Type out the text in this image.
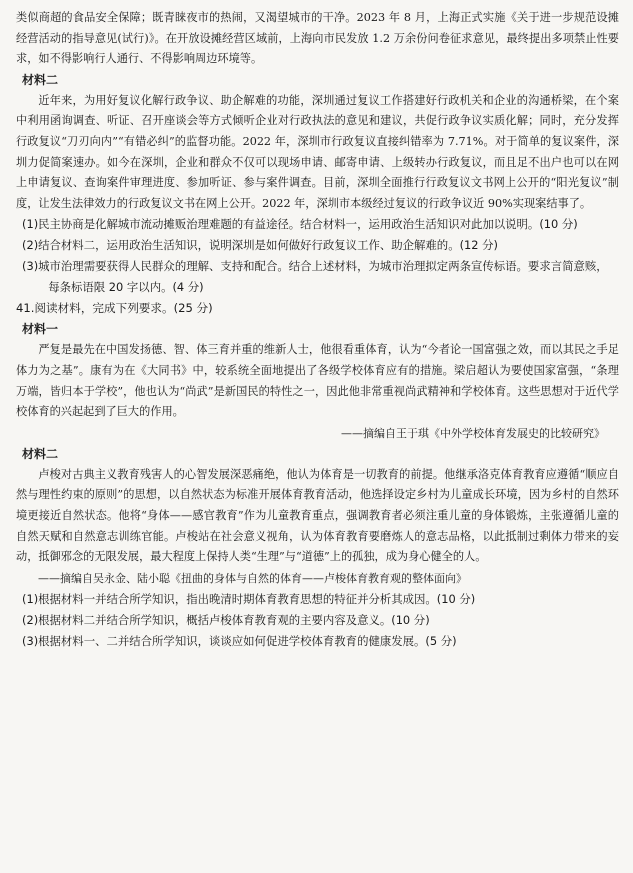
类似商超的食品安全保障；既青睐夜市的热闹，又渴望城市的干净。2023 年 8 月，上海正式实施《关于进一步规范设摊经营活动的指导意见(试行)》。在开放设摊经营区域前，上海向市民发放 1.2 万余份问卷征求意见，最终提出多项禁止性要求，如不得影响行人通行、不得影响周边环境等。

材料二

近年来，为用好复议化解行政争议、助企解难的功能，深圳通过复议工作搭建好行政机关和企业的沟通桥梁，在个案中利用函询调查、听证、召开座谈会等方式倾听企业对行政执法的意见和建议，共促行政争议实质化解；同时，充分发挥行政复议“刀刃向内”“有错必纠”的监督功能。2022 年，深圳市行政复议直接纠错率为 7.71%。对于简单的复议案件，深圳力促简案速办。如今在深圳，企业和群众不仅可以现场申请、邮寄申请、上级转办行政复议，而且足不出户也可以在网上申请复议、查询案件审理进度、参加听证、参与案件调查。目前，深圳全面推行行政复议文书网上公开的“阳光复议”制度，让发生法律效力的行政复议文书在网上公开。2022 年，深圳市本级经过复议的行政争议近 90%实现案结事了。

(1)民主协商是化解城市流动摊贩治理难题的有益途径。结合材料一，运用政治生活知识对此加以说明。(10 分)

(2)结合材料二，运用政治生活知识，说明深圳是如何做好行政复议工作、助企解难的。(12 分)

(3)城市治理需要获得人民群众的理解、支持和配合。结合上述材料，为城市治理拟定两条宣传标语。要求言简意赅，每条标语限 20 字以内。(4 分)

41.阅读材料，完成下列要求。(25 分)

材料一

严复是最先在中国发扬德、智、体三育并重的维新人士，他很看重体育，认为“今者论一国富强之效，而以其民之手足体力为之基”。康有为在《大同书》中，较系统全面地提出了各级学校体育应有的措施。梁启超认为要使国家富强，“条理万端，皆归本于学校”，他也认为“尚武”是新国民的特性之一，因此他非常重视尚武精神和学校体育。这些思想对于近代学校体育的兴起起到了巨大的作用。

——摘编自王于琪《中外学校体育发展史的比较研究》

材料二

卢梭对古典主义教育残害人的心智发展深恶痛绝，他认为体育是一切教育的前提。他继承洛克体育教育应遵循“顺应自然与理性约束的原则”的思想，以自然状态为标准开展体育教育活动，他选择设定乡村为儿童成长环境，因为乡村的自然环境更接近自然状态。他将“身体——感官教育”作为儿童教育重点，强调教育者必须注重儿童的身体锻炼，主张遵循儿童的自然天赋和自然意志训练官能。卢梭站在社会意义视角，认为体育教育要磨炼人的意志品格，以此抵制过剩体力带来的妄动，抵御邪念的无限发展，最大程度上保持人类“生理”与“道德”上的孤独，成为身心健全的人。

——摘编自吴永金、陆小聪《扭曲的身体与自然的体育——卢梭体育教育观的整体面向》

(1)根据材料一并结合所学知识，指出晚清时期体育教育思想的特征并分析其成因。(10 分)

(2)根据材料二并结合所学知识，概括卢梭体育教育观的主要内容及意义。(10 分)

(3)根据材料一、二并结合所学知识，谈谈应如何促进学校体育教育的健康发展。(5 分)
